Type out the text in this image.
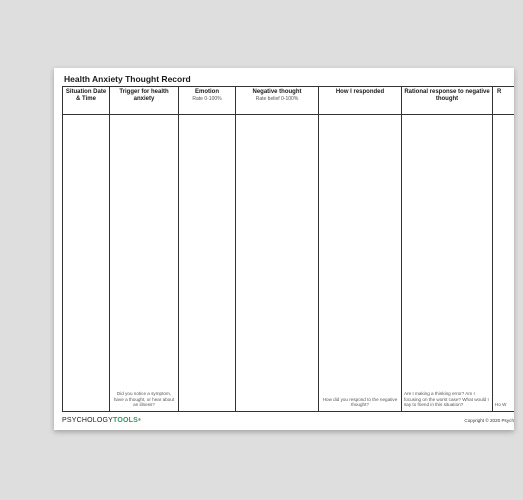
Health Anxiety Thought Record
Situation Date & Time
Trigger for health anxiety
Did you notice a symptom, have a thought, or hear about an illness?
Emotion
Rate 0-100%
Negative thought
Rate belief 0-100%
How I responded
How did you respond to the negative thought?
Rational response to negative thought
Are I making a thinking error? Am I focusing on the worst case? What would I say to friend in this situation?
R
Ho W
PSYCHOLOGYTOOLS®	Copyright © 2020 Psych
